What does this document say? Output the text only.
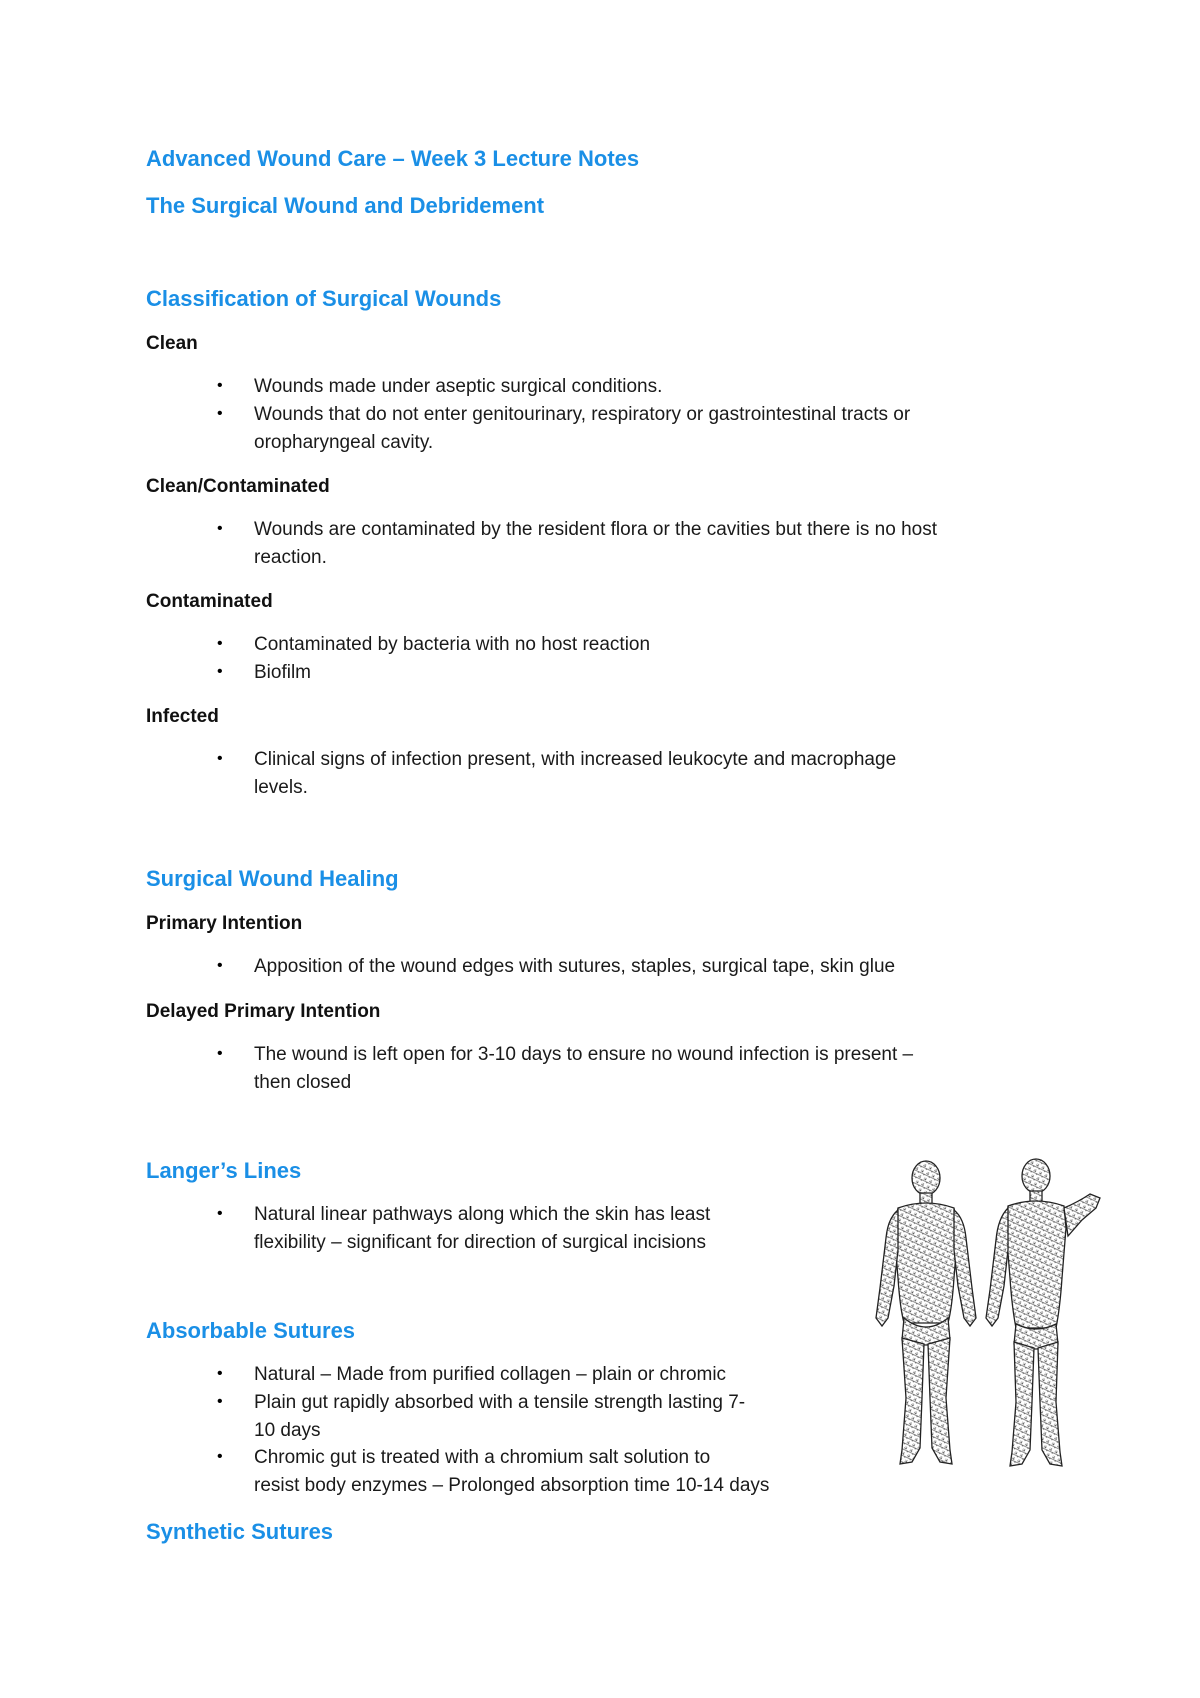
Advanced Wound Care – Week 3 Lecture Notes
The Surgical Wound and Debridement
Classification of Surgical Wounds
Clean
• Wounds made under aseptic surgical conditions.
• Wounds that do not enter genitourinary, respiratory or gastrointestinal tracts or
oropharyngeal cavity.
Clean/Contaminated
• Wounds are contaminated by the resident flora or the cavities but there is no host
reaction.
Contaminated
• Contaminated by bacteria with no host reaction
• Biofilm
Infected
• Clinical signs of infection present, with increased leukocyte and macrophage
levels.
Surgical Wound Healing
Primary Intention
• Apposition of the wound edges with sutures, staples, surgical tape, skin glue
Delayed Primary Intention
• The wound is left open for 3-10 days to ensure no wound infection is present –
then closed
Langer’s Lines
• Natural linear pathways along which the skin has least
flexibility – significant for direction of surgical incisions
Absorbable Sutures
• Natural – Made from purified collagen – plain or chromic
• Plain gut rapidly absorbed with a tensile strength lasting 7-
10 days
• Chromic gut is treated with a chromium salt solution to
resist body enzymes – Prolonged absorption time 10-14 days
Synthetic Sutures
